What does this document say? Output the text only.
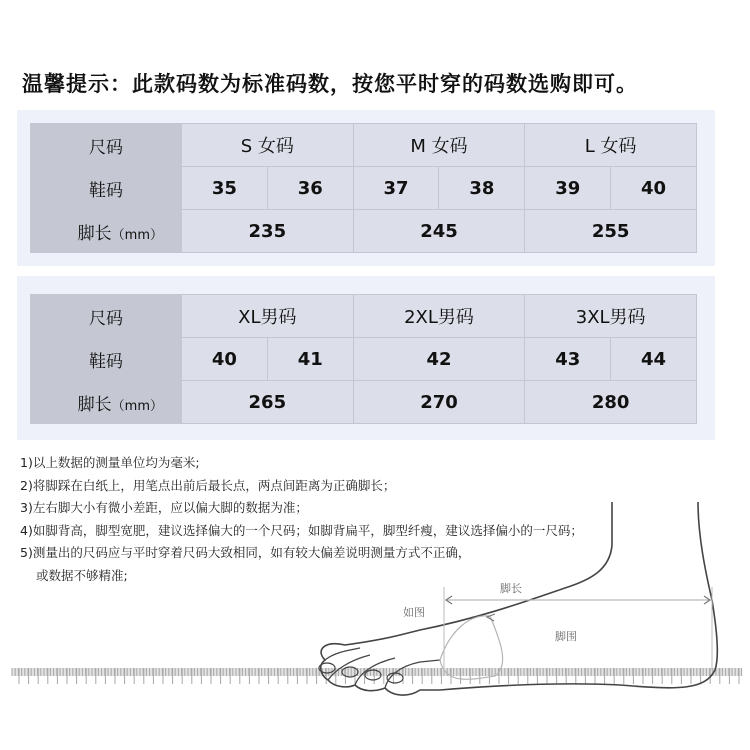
温馨提示：此款码数为标准码数，按您平时穿的码数选购即可。
尺码	S 女码		M 女码		L 女码	
鞋码	35	36	37	38	39	40
脚长（mm）	235		245		255	
尺码	XL男码		2XL男码	3XL男码	
鞋码	40	41	42	43	44
脚长（mm）	265		270	280	
1)以上数据的测量单位均为毫米;
2)将脚踩在白纸上，用笔点出前后最长点，两点间距离为正确脚长；
3)左右脚大小有微小差距，应以偏大脚的数据为准；
4)如脚背高，脚型宽肥，建议选择偏大的一个尺码；如脚背扁平，脚型纤瘦，建议选择偏小的一尺码；
5)测量出的尺码应与平时穿着尺码大致相同，如有较大偏差说明测量方式不正确，
或数据不够精准;
脚长
如图
脚围
